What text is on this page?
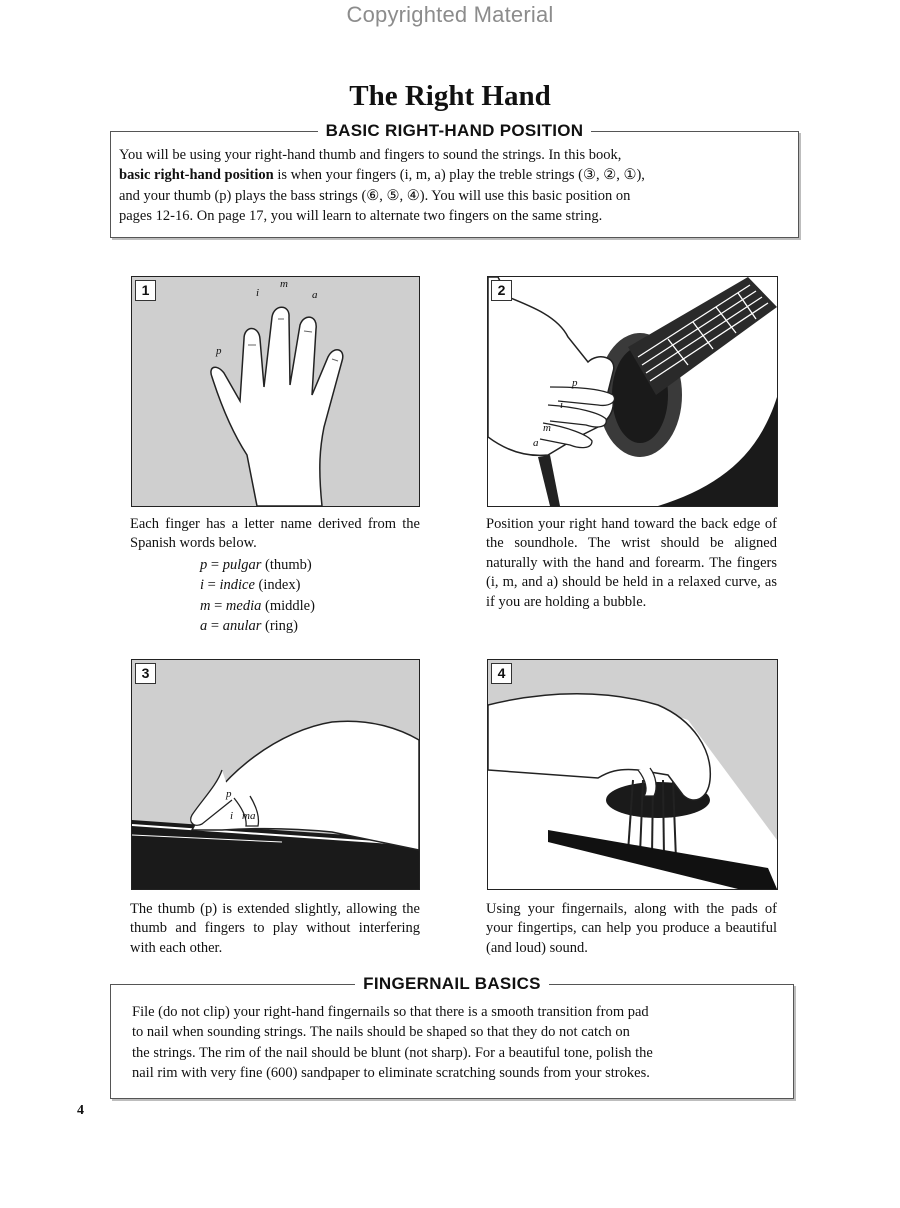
Copyrighted Material
The Right Hand
BASIC RIGHT-HAND POSITION
You will be using your right-hand thumb and fingers to sound the strings. In this book,
basic right-hand position is when your fingers (i, m, a) play the treble strings (③, ②, ①),
and your thumb (p) plays the bass strings (⑥, ⑤, ④). You will use this basic position on
pages 12-16. On page 17, you will learn to alternate two fingers on the same string.
1
p
i
m
a	2
p
i
m
a
Each finger has a letter name derived from the Spanish words below.
p = pulgar (thumb)
i = indice (index)
m = media (middle)
a = anular (ring)
Position your right hand toward the back edge of the soundhole. The wrist should be aligned naturally with the hand and forearm. The fingers (i, m, and a) should be held in a relaxed curve, as if you are holding a bubble.
3
p
ma
i
4
The thumb (p) is extended slightly, allowing the thumb and fingers to play without interfering with each other.
Using your fingernails, along with the pads of your fingertips, can help you produce a beautiful (and loud) sound.
FINGERNAIL BASICS
File (do not clip) your right-hand fingernails so that there is a smooth transition from pad
to nail when sounding strings. The nails should be shaped so that they do not catch on
the strings. The rim of the nail should be blunt (not sharp). For a beautiful tone, polish the
nail rim with very fine (600) sandpaper to eliminate scratching sounds from your strokes.
4
